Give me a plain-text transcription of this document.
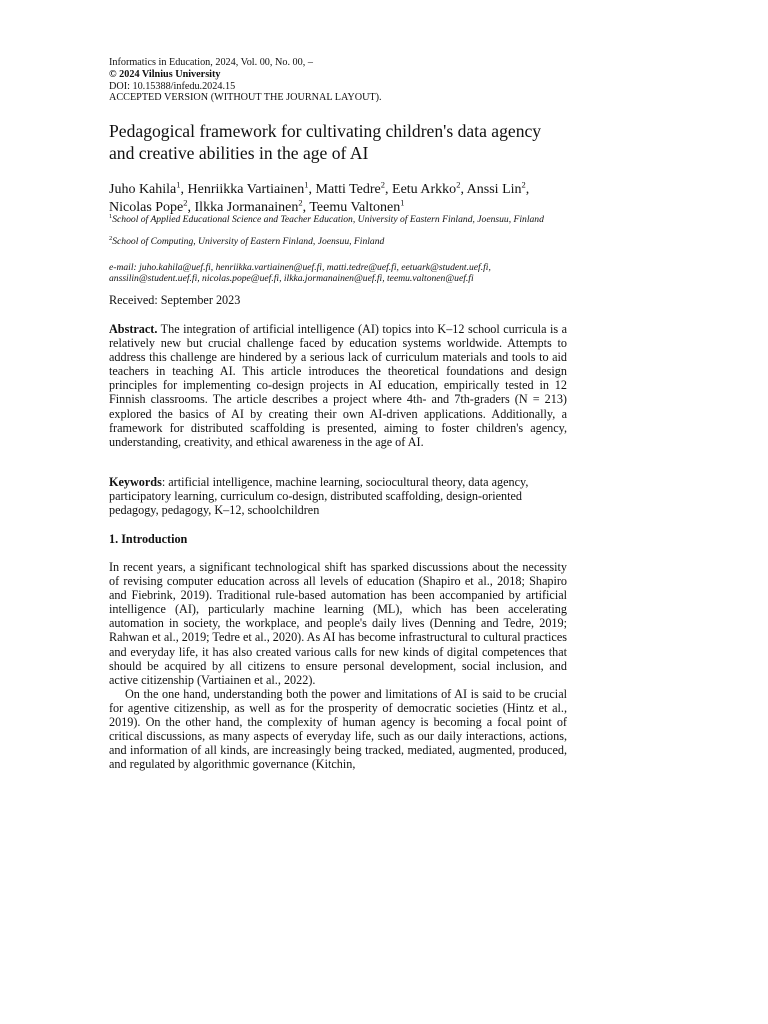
Informatics in Education, 2024, Vol. 00, No. 00, –
© 2024 Vilnius University
DOI: 10.15388/infedu.2024.15
ACCEPTED VERSION (WITHOUT THE JOURNAL LAYOUT).
Pedagogical framework for cultivating children's data agency
and creative abilities in the age of AI
Juho Kahila$^1$, Henriikka Vartiainen$^1$, Matti Tedre$^2$, Eetu Arkko$^2$, Anssi Lin$^2$, Nicolas Pope$^2$, Ilkka Jormanainen$^2$, Teemu Valtonen$^1$
$^1$School of Applied Educational Science and Teacher Education, University of Eastern Finland, Joensuu, Finland
$^2$School of Computing, University of Eastern Finland, Joensuu, Finland
e-mail: juho.kahila@uef.fi, henriikka.vartiainen@uef.fi, matti.tedre@uef.fi, eetuark@student.uef.fi, anssilin@student.uef.fi, nicolas.pope@uef.fi, ilkka.jormanainen@uef.fi, teemu.valtonen@uef.fi
Received: September 2023
Abstract. The integration of artificial intelligence (AI) topics into K–12 school curricula is a relatively new but crucial challenge faced by education systems worldwide. Attempts to address this challenge are hindered by a serious lack of curriculum materials and tools to aid teachers in teaching AI. This article introduces the theoretical foundations and design principles for implementing co-design projects in AI education, empirically tested in 12 Finnish classrooms. The article describes a project where 4th- and 7th-graders (N = 213) explored the basics of AI by creating their own AI-driven applications. Additionally, a framework for distributed scaffolding is presented, aiming to foster children's agency, understanding, creativity, and ethical awareness in the age of AI.
Keywords: artificial intelligence, machine learning, sociocultural theory, data agency, participatory learning, curriculum co-design, distributed scaffolding, design-oriented pedagogy, pedagogy, K–12, schoolchildren
1. Introduction

In recent years, a significant technological shift has sparked discussions about the necessity of revising computer education across all levels of education (Shapiro et al., 2018; Shapiro and Fiebrink, 2019). Traditional rule-based automation has been accompanied by artificial intelligence (AI), particularly machine learning (ML), which has been accelerating automation in society, the workplace, and people's daily lives (Denning and Tedre, 2019; Rahwan et al., 2019; Tedre et al., 2020). As AI has become infrastructural to cultural practices and everyday life, it has also created various calls for new kinds of digital competences that should be acquired by all citizens to ensure personal development, social inclusion, and active citizenship (Vartiainen et al., 2022).

On the one hand, understanding both the power and limitations of AI is said to be crucial for agentive citizenship, as well as for the prosperity of democratic societies (Hintz et al., 2019). On the other hand, the complexity of human agency is becoming a focal point of critical discussions, as many aspects of everyday life, such as our daily interactions, actions, and information of all kinds, are increasingly being tracked, mediated, augmented, produced, and regulated by algorithmic governance (Kitchin,
